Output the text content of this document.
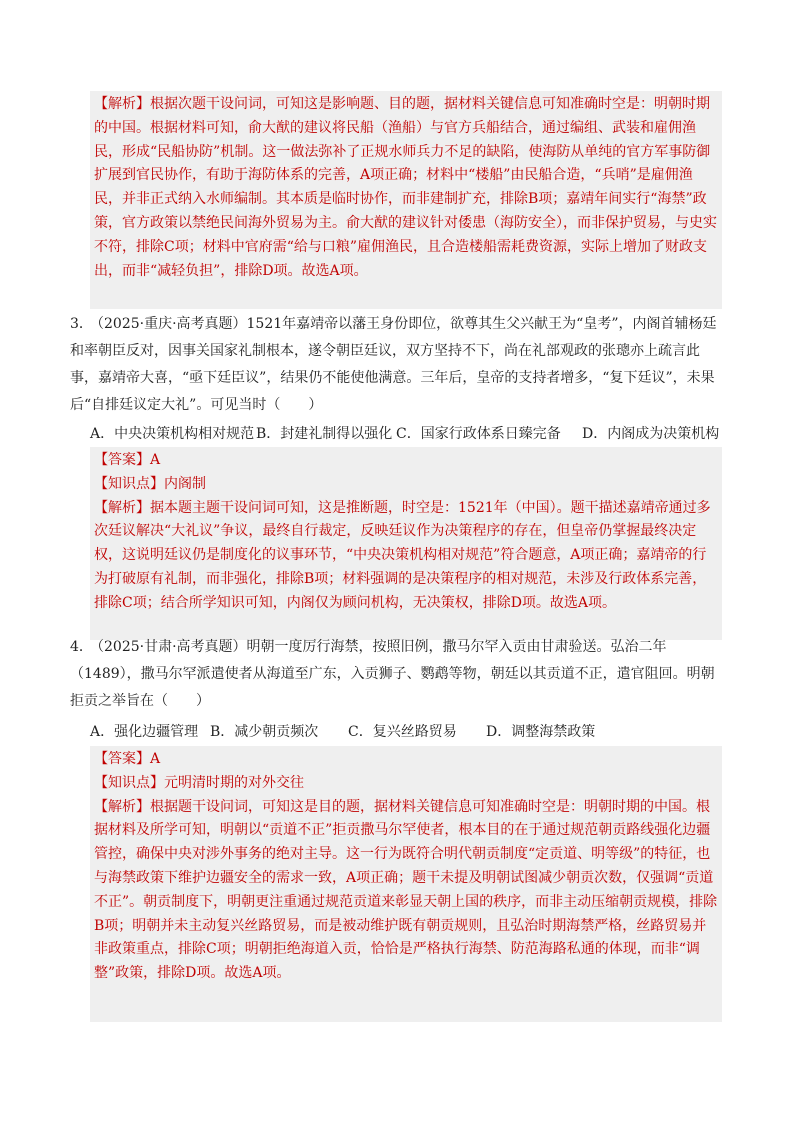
【解析】根据次题干设问词，可知这是影响题、目的题，据材料关键信息可知准确时空是：明朝时期的中国。根据材料可知，俞大猷的建议将民船（渔船）与官方兵船结合，通过编组、武装和雇佣渔民，形成“民船协防”机制。这一做法弥补了正规水师兵力不足的缺陷，使海防从单纯的官方军事防御扩展到官民协作，有助于海防体系的完善，A项正确；材料中“楼船”由民船合造，“兵哨”是雇佣渔民，并非正式纳入水师编制。其本质是临时协作，而非建制扩充，排除B项；嘉靖年间实行“海禁”政策，官方政策以禁绝民间海外贸易为主。俞大猷的建议针对倭患（海防安全），而非保护贸易，与史实不符，排除C项；材料中官府需“给与口粮”雇佣渔民，且合造楼船需耗费资源，实际上增加了财政支出，而非“减轻负担”，排除D项。故选A项。

3．（2025·重庆·高考真题）1521年嘉靖帝以藩王身份即位，欲尊其生父兴献王为“皇考”，内阁首辅杨廷和率朝臣反对，因事关国家礼制根本，遂令朝臣廷议，双方坚持不下，尚在礼部观政的张璁亦上疏言此事，嘉靖帝大喜，“亟下廷臣议”，结果仍不能使他满意。三年后，皇帝的支持者增多，“复下廷议”，未果后“自排廷议定大礼”。可见当时（　　）
A．中央决策机构相对规范 B．封建礼制得以强化 C．国家行政体系日臻完备 D．内阁成为决策机构

【答案】A

【知识点】内阁制

【解析】据本题主题干设问词可知，这是推断题，时空是：1521年（中国）。题干描述嘉靖帝通过多次廷议解决“大礼议”争议，最终自行裁定，反映廷议作为决策程序的存在，但皇帝仍掌握最终决定权，这说明廷议仍是制度化的议事环节，“中央决策机构相对规范”符合题意，A项正确；嘉靖帝的行为打破原有礼制，而非强化，排除B项；材料强调的是决策程序的相对规范，未涉及行政体系完善，排除C项；结合所学知识可知，内阁仅为顾问机构，无决策权，排除D项。故选A项。

4．（2025·甘肃·高考真题）明朝一度厉行海禁，按照旧例，撒马尔罕入贡由甘肃验送。弘治二年（1489），撒马尔罕派遣使者从海道至广东，入贡狮子、鹦鹉等物，朝廷以其贡道不正，遣官阻回。明朝拒贡之举旨在（　　）
A．强化边疆管理 B．减少朝贡频次 C．复兴丝路贸易 D．调整海禁政策

【答案】A

【知识点】元明清时期的对外交往

【解析】根据题干设问词，可知这是目的题，据材料关键信息可知准确时空是：明朝时期的中国。根据材料及所学可知，明朝以“贡道不正”拒贡撒马尔罕使者，根本目的在于通过规范朝贡路线强化边疆管控，确保中央对涉外事务的绝对主导。这一行为既符合明代朝贡制度“定贡道、明等级”的特征，也与海禁政策下维护边疆安全的需求一致，A项正确；题干未提及明朝试图减少朝贡次数，仅强调“贡道不正”。朝贡制度下，明朝更注重通过规范贡道来彰显天朝上国的秩序，而非主动压缩朝贡规模，排除B项；明朝并未主动复兴丝路贸易，而是被动维护既有朝贡规则，且弘治时期海禁严格，丝路贸易并非政策重点，排除C项；明朝拒绝海道入贡，恰恰是严格执行海禁、防范海路私通的体现，而非“调整”政策，排除D项。故选A项。
